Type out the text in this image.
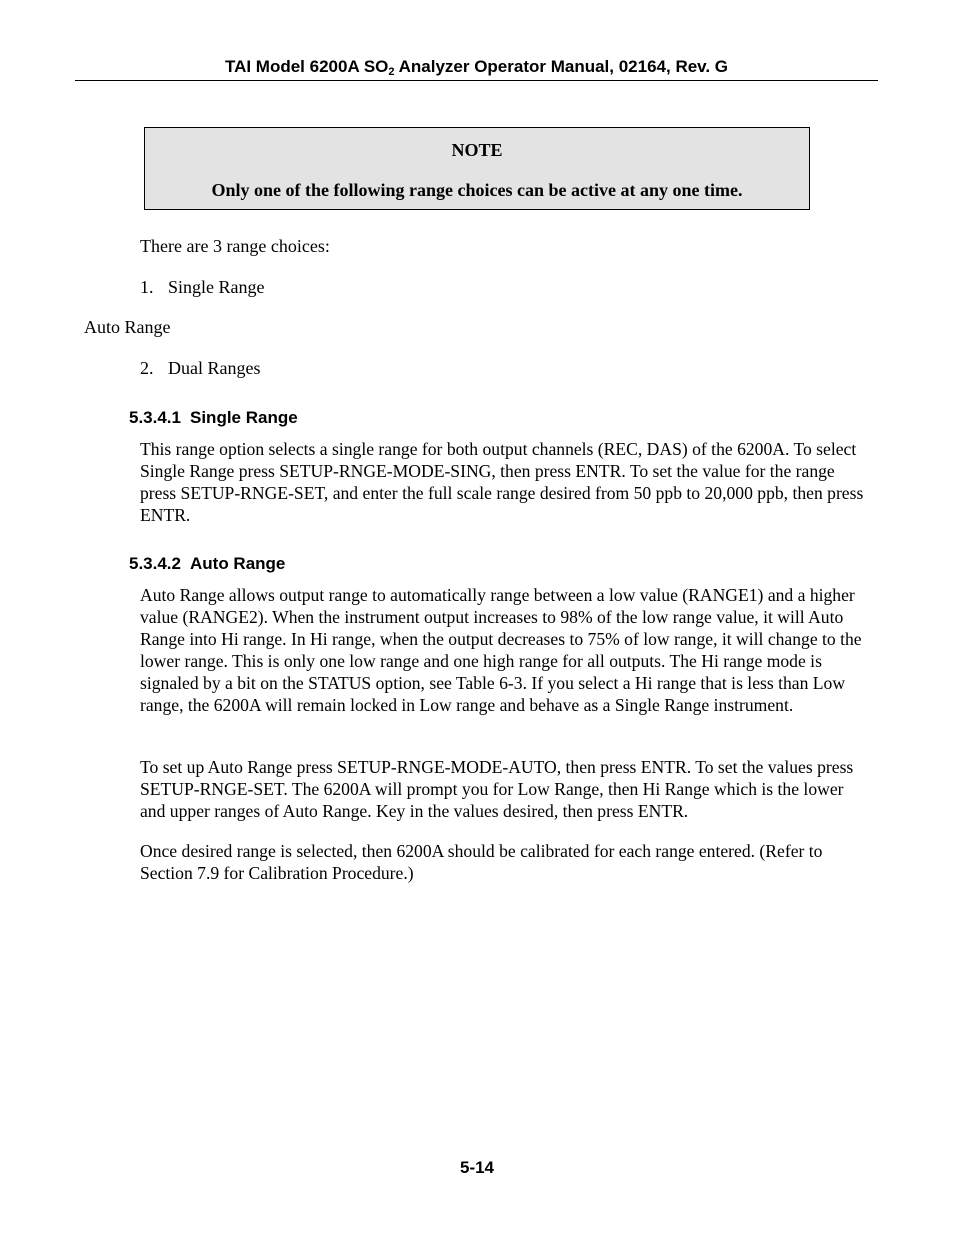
TAI Model 6200A $SO_2$ Analyzer Operator Manual, 02164, Rev. G
NOTE
Only one of the following range choices can be active at any one time.

There are 3 range choices:

1. Single Range

Auto Range

2. Dual Ranges

5.3.4.1 Single Range

This range option selects a single range for both output channels (REC, DAS) of the 6200A. To select Single Range press SETUP-RNGE-MODE-SING, then press ENTR. To set the value for the range press SETUP-RNGE-SET, and enter the full scale range desired from 50 ppb to 20,000 ppb, then press ENTR.

5.3.4.2 Auto Range

Auto Range allows output range to automatically range between a low value (RANGE1) and a higher value (RANGE2). When the instrument output increases to 98% of the low range value, it will Auto Range into Hi range. In Hi range, when the output decreases to 75% of low range, it will change to the lower range. This is only one low range and one high range for all outputs. The Hi range mode is signaled by a bit on the STATUS option, see Table 6-3. If you select a Hi range that is less than Low range, the 6200A will remain locked in Low range and behave as a Single Range instrument.

To set up Auto Range press SETUP-RNGE-MODE-AUTO, then press ENTR. To set the values press SETUP-RNGE-SET. The 6200A will prompt you for Low Range, then Hi Range which is the lower and upper ranges of Auto Range. Key in the values desired, then press ENTR.

Once desired range is selected, then 6200A should be calibrated for each range entered. (Refer to Section 7.9 for Calibration Procedure.)

5-14
